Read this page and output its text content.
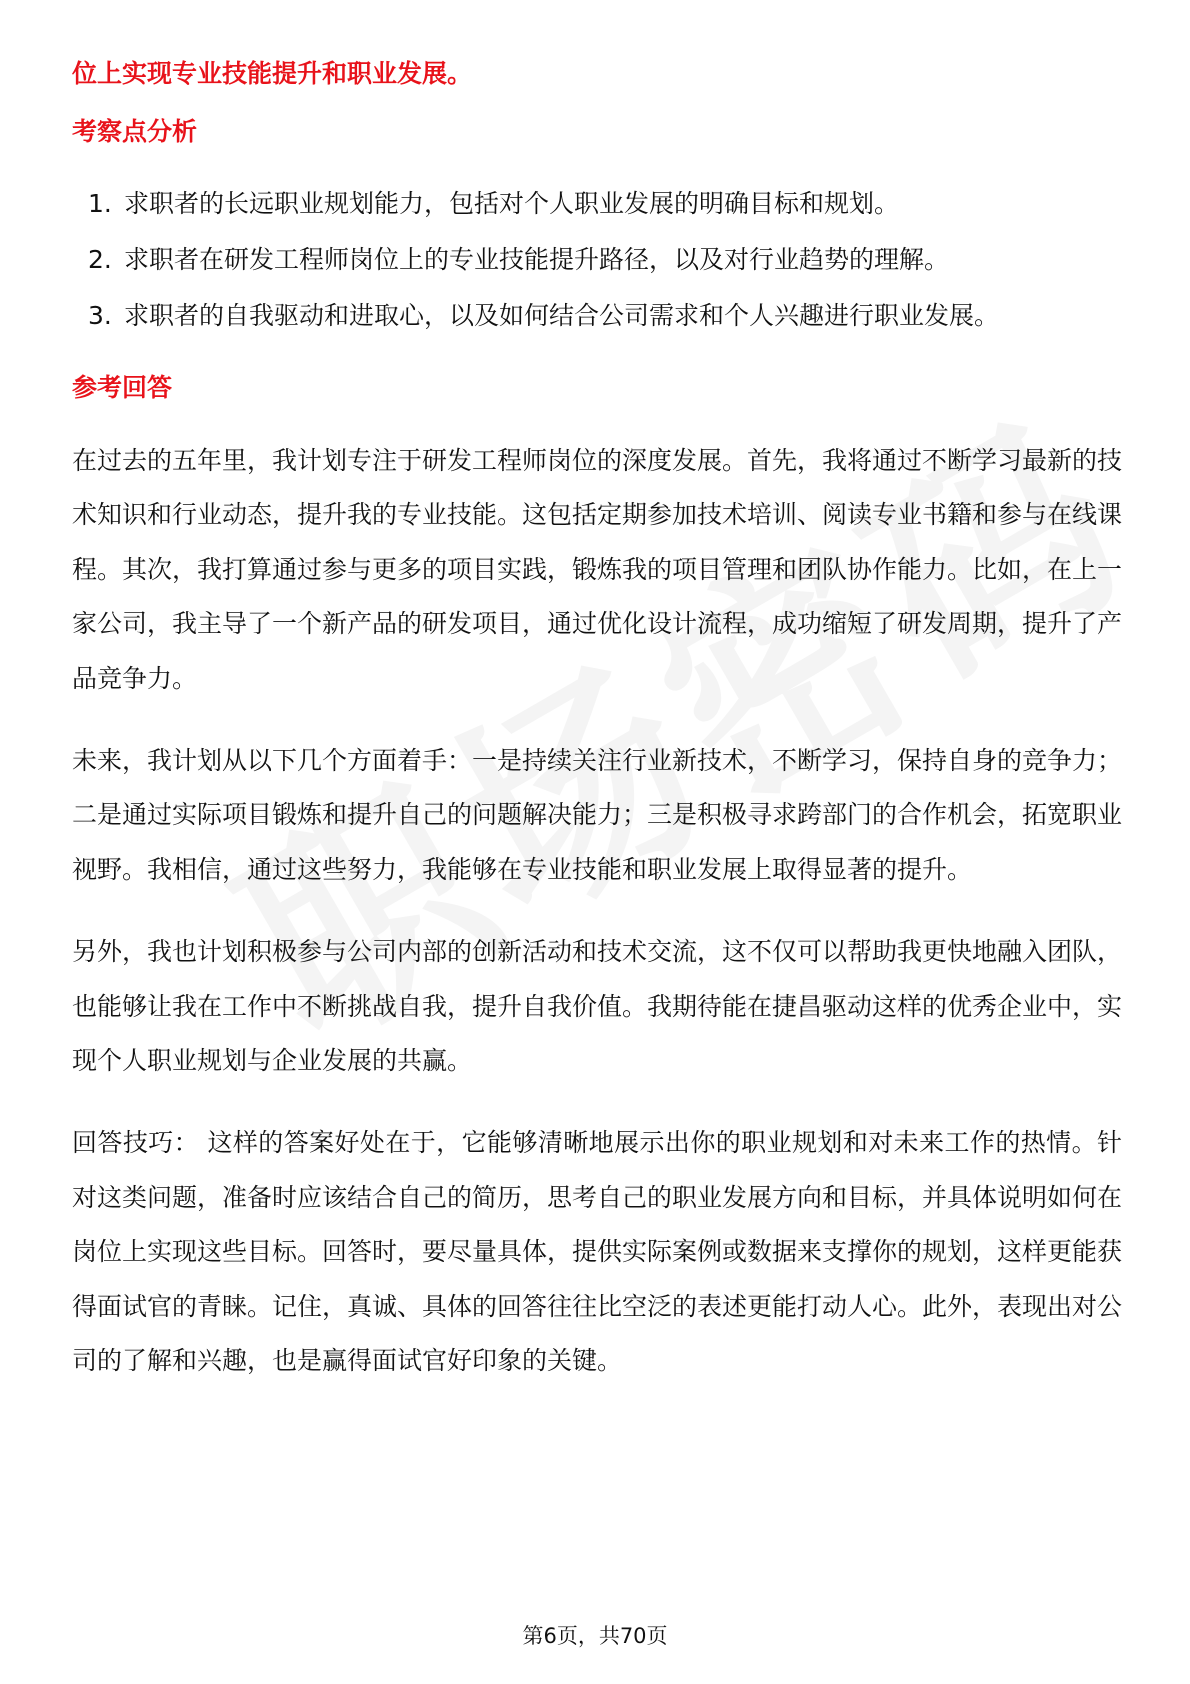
位上实现专业技能提升和职业发展。

考察点分析
1. 求职者的长远职业规划能力，包括对个人职业发展的明确目标和规划。
2. 求职者在研发工程师岗位上的专业技能提升路径，以及对行业趋势的理解。
3. 求职者的自我驱动和进取心，以及如何结合公司需求和个人兴趣进行职业发展。
参考回答

在过去的五年里，我计划专注于研发工程师岗位的深度发展。首先，我将通过不断学习最新的技术知识和行业动态，提升我的专业技能。这包括定期参加技术培训、阅读专业书籍和参与在线课程。其次，我打算通过参与更多的项目实践，锻炼我的项目管理和团队协作能力。比如，在上一家公司，我主导了一个新产品的研发项目，通过优化设计流程，成功缩短了研发周期，提升了产品竞争力。

未来，我计划从以下几个方面着手：一是持续关注行业新技术，不断学习，保持自身的竞争力；二是通过实际项目锻炼和提升自己的问题解决能力；三是积极寻求跨部门的合作机会，拓宽职业视野。我相信，通过这些努力，我能够在专业技能和职业发展上取得显著的提升。

另外，我也计划积极参与公司内部的创新活动和技术交流，这不仅可以帮助我更快地融入团队，也能够让我在工作中不断挑战自我，提升自我价值。我期待能在捷昌驱动这样的优秀企业中，实现个人职业规划与企业发展的共赢。

回答技巧： 这样的答案好处在于，它能够清晰地展示出你的职业规划和对未来工作的热情。针对这类问题，准备时应该结合自己的简历，思考自己的职业发展方向和目标，并具体说明如何在岗位上实现这些目标。回答时，要尽量具体，提供实际案例或数据来支撑你的规划，这样更能获得面试官的青睐。记住，真诚、具体的回答往往比空泛的表述更能打动人心。此外，表现出对公司的了解和兴趣，也是赢得面试官好印象的关键。

第6页，共70页
